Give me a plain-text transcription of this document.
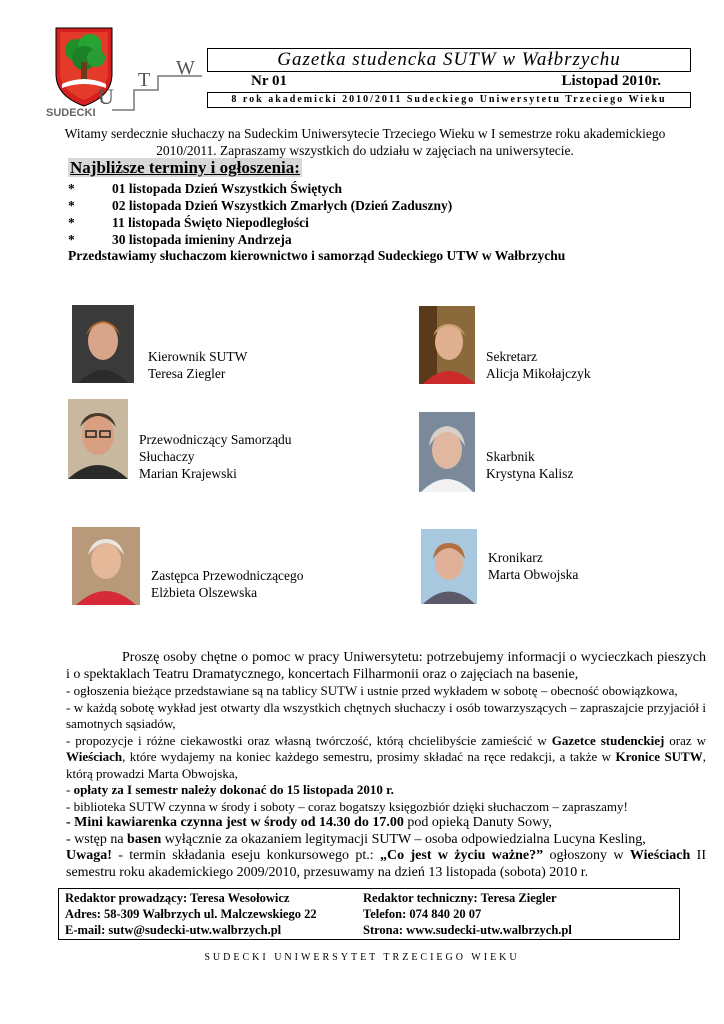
U
T
W
SUDECKI
Gazetka studencka SUTW w Wałbrzychu
Nr 01	Listopad 2010r.
8 rok akademicki 2010/2011 Sudeckiego Uniwersytetu Trzeciego Wieku
Witamy serdecznie słuchaczy na Sudeckim Uniwersytecie Trzeciego Wieku w I semestrze roku akademickiego 2010/2011. Zapraszamy wszystkich do udziału w zajęciach na uniwersytecie.
Najbliższe terminy i ogłoszenia:
*	01 listopada Dzień Wszystkich Świętych
*	02 listopada Dzień Wszystkich Zmarłych (Dzień Zaduszny)
*	11 listopada Święto Niepodległości
*	30 listopada imieniny Andrzeja
Przedstawiamy słuchaczom kierownictwo i samorząd Sudeckiego UTW w Wałbrzychu
Kierownik SUTW
Teresa Ziegler
Sekretarz
Alicja Mikołajczyk
Przewodniczący Samorządu
Słuchaczy
Marian Krajewski
Skarbnik
Krystyna Kalisz
Zastępca Przewodniczącego
Elżbieta Olszewska
Kronikarz
Marta Obwojska

Proszę osoby chętne o pomoc w pracy Uniwersytetu: potrzebujemy informacji o wycieczkach pieszych i o spektaklach Teatru Dramatycznego, koncertach Filharmonii oraz o zajęciach na basenie,

- ogłoszenia bieżące przedstawiane są na tablicy SUTW i ustnie przed wykładem w sobotę – obecność obowiązkowa,

- w każdą sobotę wykład jest otwarty dla wszystkich chętnych słuchaczy i osób towarzyszących – zapraszajcie przyjaciół i samotnych sąsiadów,

- propozycje i różne ciekawostki oraz własną twórczość, którą chcielibyście zamieścić w Gazetce studenckiej oraz w Wieściach, które wydajemy na koniec każdego semestru, prosimy składać na ręce redakcji, a także w Kronice SUTW, którą prowadzi Marta Obwojska,

- opłaty za I semestr należy dokonać do 15 listopada 2010 r.

- biblioteka SUTW czynna w środy i soboty – coraz bogatszy księgozbiór dzięki słuchaczom – zapraszamy!

- Mini kawiarenka czynna jest w środy od 14.30 do 17.00 pod opieką Danuty Sowy,

- wstęp na basen wyłącznie za okazaniem legitymacji SUTW – osoba odpowiedzialna Lucyna Kesling,

Uwaga! - termin składania eseju konkursowego pt.: „Co jest w życiu ważne?” ogłoszony w Wieściach II semestru roku akademickiego 2009/2010, przesuwamy na dzień 13 listopada (sobota) 2010 r.

Redaktor prowadzący: Teresa Wesołowicz	Redaktor techniczny: Teresa Ziegler
Adres: 58-309 Wałbrzych ul. Malczewskiego 22	Telefon: 074 840 20 07
E-mail: sutw@sudecki-utw.walbrzych.pl	Strona: www.sudecki-utw.walbrzych.pl
SUDECKI UNIWERSYTET TRZECIEGO WIEKU
